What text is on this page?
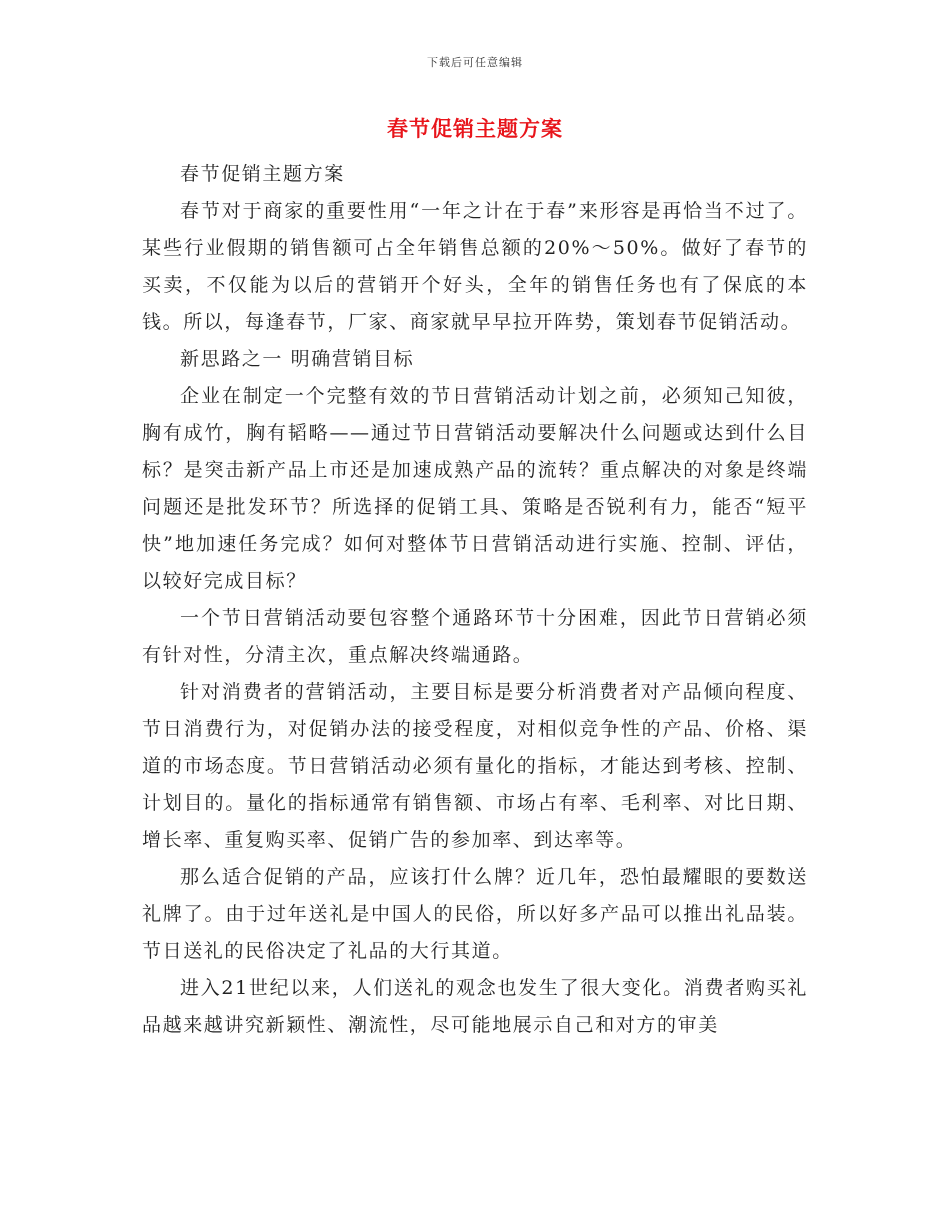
下载后可任意编辑
春节促销主题方案

春节促销主题方案

春节对于商家的重要性用“一年之计在于春”来形容是再恰当不过了。某些行业假期的销售额可占全年销售总额的20%～50%。做好了春节的买卖，不仅能为以后的营销开个好头，全年的销售任务也有了保底的本钱。所以，每逢春节，厂家、商家就早早拉开阵势，策划春节促销活动。

新思路之一 明确营销目标

企业在制定一个完整有效的节日营销活动计划之前，必须知己知彼，胸有成竹，胸有韬略——通过节日营销活动要解决什么问题或达到什么目标？是突击新产品上市还是加速成熟产品的流转？重点解决的对象是终端问题还是批发环节？所选择的促销工具、策略是否锐利有力，能否“短平快”地加速任务完成？如何对整体节日营销活动进行实施、控制、评估，以较好完成目标？

一个节日营销活动要包容整个通路环节十分困难，因此节日营销必须有针对性，分清主次，重点解决终端通路。

针对消费者的营销活动，主要目标是要分析消费者对产品倾向程度、节日消费行为，对促销办法的接受程度，对相似竞争性的产品、价格、渠道的市场态度。节日营销活动必须有量化的指标，才能达到考核、控制、计划目的。量化的指标通常有销售额、市场占有率、毛利率、对比日期、增长率、重复购买率、促销广告的参加率、到达率等。

那么适合促销的产品，应该打什么牌？近几年，恐怕最耀眼的要数送礼牌了。由于过年送礼是中国人的民俗，所以好多产品可以推出礼品装。节日送礼的民俗决定了礼品的大行其道。

进入21世纪以来，人们送礼的观念也发生了很大变化。消费者购买礼品越来越讲究新颖性、潮流性，尽可能地展示自己和对方的审美
